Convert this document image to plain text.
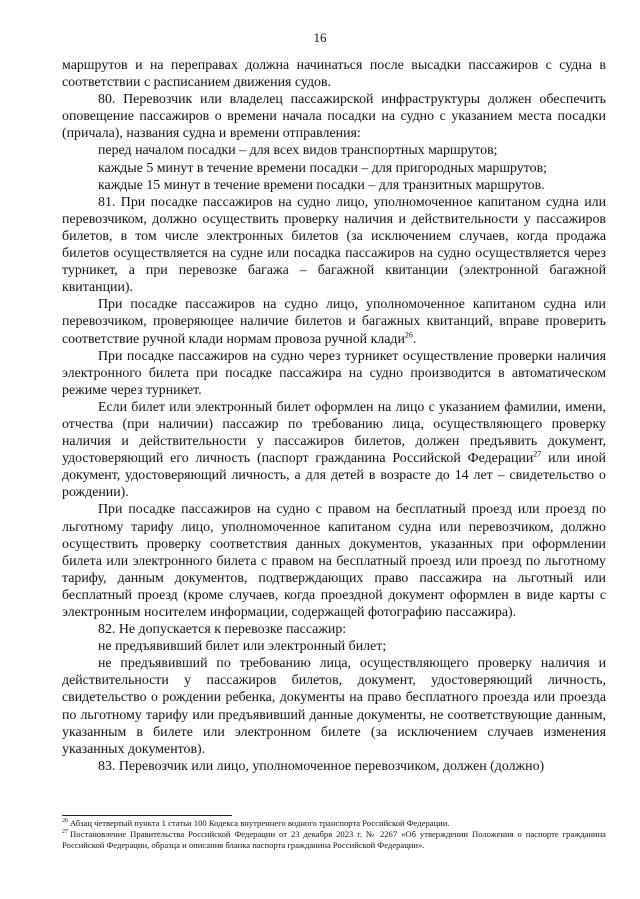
16

маршрутов и на переправах должна начинаться после высадки пассажиров с судна в соответствии с расписанием движения судов.

80. Перевозчик или владелец пассажирской инфраструктуры должен обеспечить оповещение пассажиров о времени начала посадки на судно с указанием места посадки (причала), названия судна и времени отправления:

перед началом посадки – для всех видов транспортных маршрутов;

каждые 5 минут в течение времени посадки – для пригородных маршрутов;

каждые 15 минут в течение времени посадки – для транзитных маршрутов.

81. При посадке пассажиров на судно лицо, уполномоченное капитаном судна или перевозчиком, должно осуществить проверку наличия и действительности у пассажиров билетов, в том числе электронных билетов (за исключением случаев, когда продажа билетов осуществляется на судне или посадка пассажиров на судно осуществляется через турникет, а при перевозке багажа – багажной квитанции (электронной багажной квитанции).

При посадке пассажиров на судно лицо, уполномоченное капитаном судна или перевозчиком, проверяющее наличие билетов и багажных квитанций, вправе проверить соответствие ручной клади нормам провоза ручной клади$^{26}$.

При посадке пассажиров на судно через турникет осуществление проверки наличия электронного билета при посадке пассажира на судно производится в автоматическом режиме через турникет.

Если билет или электронный билет оформлен на лицо с указанием фамилии, имени, отчества (при наличии) пассажир по требованию лица, осуществляющего проверку наличия и действительности у пассажиров билетов, должен предъявить документ, удостоверяющий его личность (паспорт гражданина Российской Федерации$^{27}$ или иной документ, удостоверяющий личность, а для детей в возрасте до 14 лет – свидетельство о рождении).

При посадке пассажиров на судно с правом на бесплатный проезд или проезд по льготному тарифу лицо, уполномоченное капитаном судна или перевозчиком, должно осуществить проверку соответствия данных документов, указанных при оформлении билета или электронного билета с правом на бесплатный проезд или проезд по льготному тарифу, данным документов, подтверждающих право пассажира на льготный или бесплатный проезд (кроме случаев, когда проездной документ оформлен в виде карты с электронным носителем информации, содержащей фотографию пассажира).

82. Не допускается к перевозке пассажир:

не предъявивший билет или электронный билет;

не предъявивший по требованию лица, осуществляющего проверку наличия и действительности у пассажиров билетов, документ, удостоверяющий личность, свидетельство о рождении ребенка, документы на право бесплатного проезда или проезда по льготному тарифу или предъявивший данные документы, не соответствующие данным, указанным в билете или электронном билете (за исключением случаев изменения указанных документов).

83. Перевозчик или лицо, уполномоченное перевозчиком, должен (должно)

$^{26}$ Абзац четвертый пункта 1 статьи 100 Кодекса внутреннего водного транспорта Российской Федерации.

$^{27}$ Постановление Правительства Российской Федерации от 23 декабря 2023 г. № 2267 «Об утверждении Положения о паспорте гражданина Российской Федерации, образца и описания бланка паспорта гражданина Российской Федерации».
